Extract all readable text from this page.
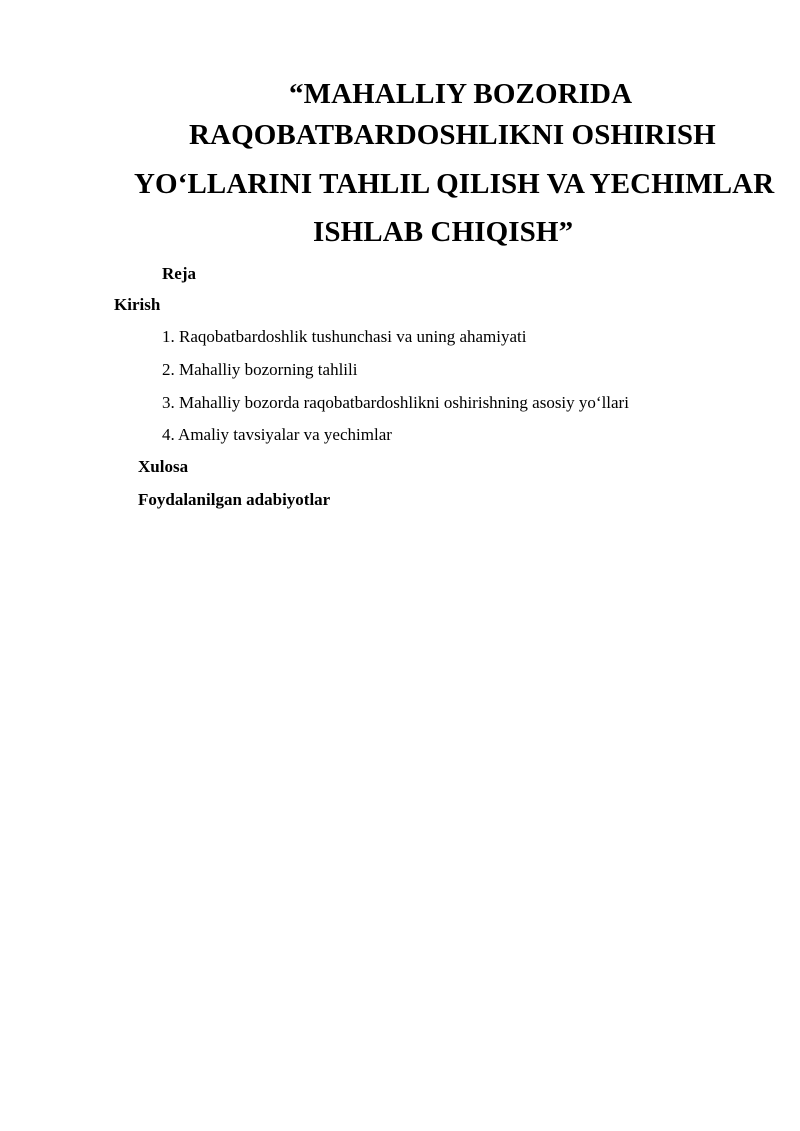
“MAHALLIY BOZORIDA
RAQOBATBARDOSHLIKNI OSHIRISH
YO‘LLARINI TAHLIL QILISH VA YECHIMLAR
ISHLAB CHIQISH”
Reja
Kirish
1. Raqobatbardoshlik tushunchasi va uning ahamiyati
2. Mahalliy bozorning tahlili
3. Mahalliy bozorda raqobatbardoshlikni oshirishning asosiy yo‘llari
4. Amaliy tavsiyalar va yechimlar
Xulosa
Foydalanilgan adabiyotlar
